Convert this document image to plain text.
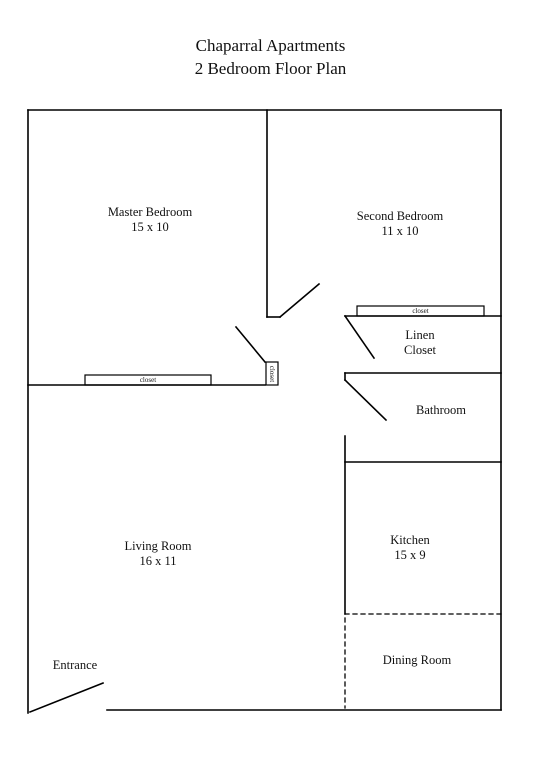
Chaparral Apartments
2 Bedroom Floor Plan
Master Bedroom
15 x 10
Second Bedroom
11 x 10
Linen
Closet
Bathroom
Living Room
16 x 11
Kitchen
15 x 9
Dining Room
Entrance
closet
closet
closet
